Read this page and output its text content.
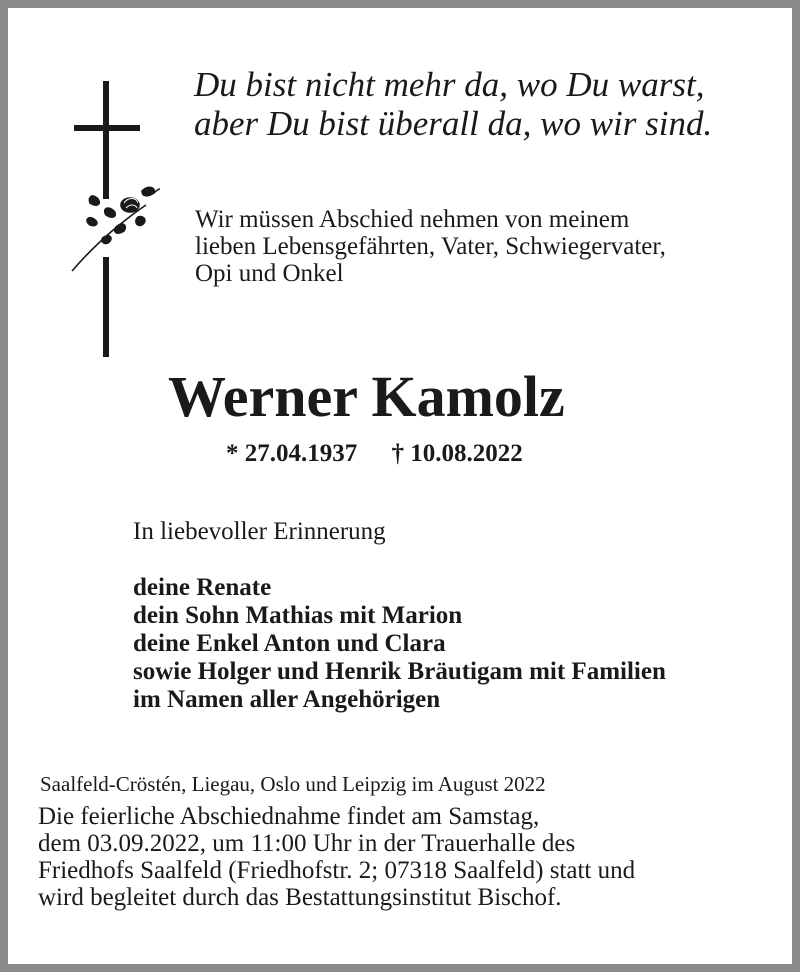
Du bist nicht mehr da, wo Du warst,
aber Du bist überall da, wo wir sind.
Wir müssen Abschied nehmen von meinem
lieben Lebensgefährten, Vater, Schwiegervater,
Opi und Onkel
Werner Kamolz
* 27.04.1937 † 10.08.2022
In liebevoller Erinnerung
deine Renate
dein Sohn Mathias mit Marion
deine Enkel Anton und Clara
sowie Holger und Henrik Bräutigam mit Familien
im Namen aller Angehörigen
Saalfeld-Cröstén, Liegau, Oslo und Leipzig im August 2022
Die feierliche Abschiednahme findet am Samstag,
dem 03.09.2022, um 11:00 Uhr in der Trauerhalle des
Friedhofs Saalfeld (Friedhofstr. 2; 07318 Saalfeld) statt und
wird begleitet durch das Bestattungsinstitut Bischof.
